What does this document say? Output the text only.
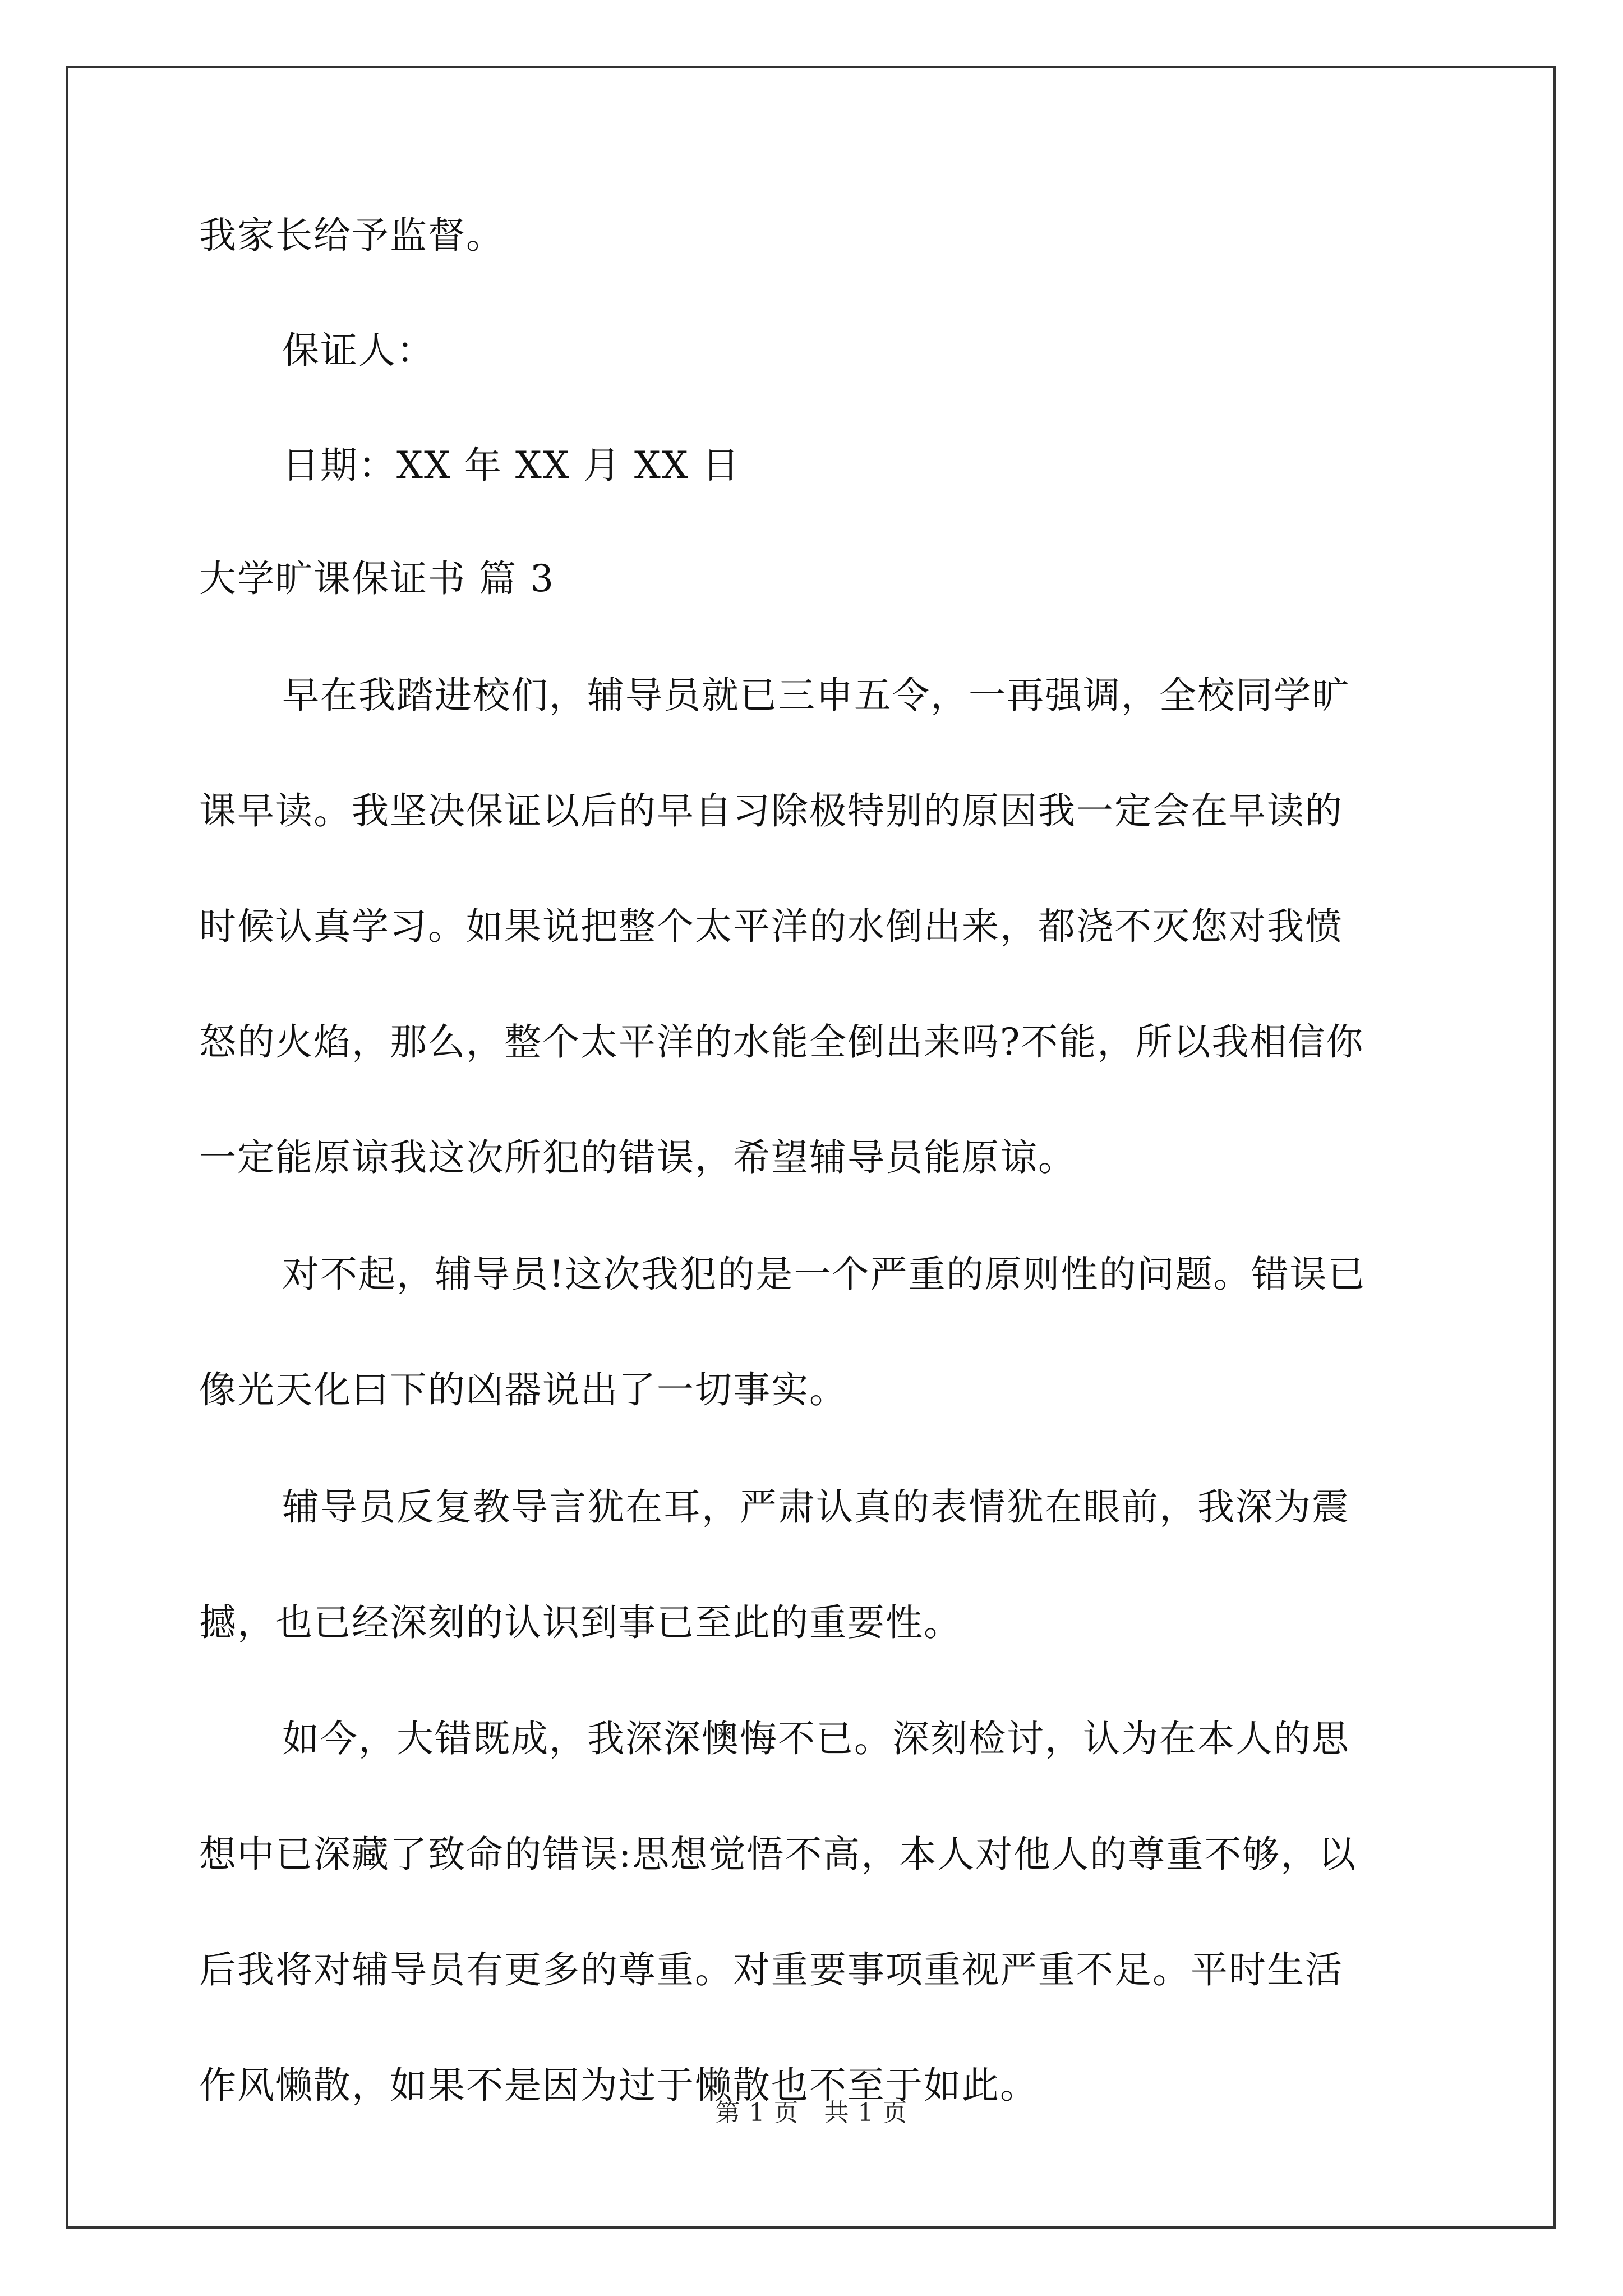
我家长给予监督。

保证人：

日期：XX 年 XX 月 XX 日

大学旷课保证书 篇 3

早在我踏进校们，辅导员就已三申五令，一再强调，全校同学旷

课早读。我坚决保证以后的早自习除极特别的原因我一定会在早读的

时候认真学习。如果说把整个太平洋的水倒出来，都浇不灭您对我愤

怒的火焰，那么，整个太平洋的水能全倒出来吗?不能，所以我相信你

一定能原谅我这次所犯的错误，希望辅导员能原谅。

对不起，辅导员!这次我犯的是一个严重的原则性的问题。错误已

像光天化曰下的凶器说出了一切事实。

辅导员反复教导言犹在耳，严肃认真的表情犹在眼前，我深为震

撼，也已经深刻的认识到事已至此的重要性。

如今，大错既成，我深深懊悔不已。深刻检讨，认为在本人的思

想中已深藏了致命的错误:思想觉悟不高，本人对他人的尊重不够，以

后我将对辅导员有更多的尊重。对重要事项重视严重不足。平时生活

作风懒散，如果不是因为过于懒散也不至于如此。

第 1 页　共 1 页
